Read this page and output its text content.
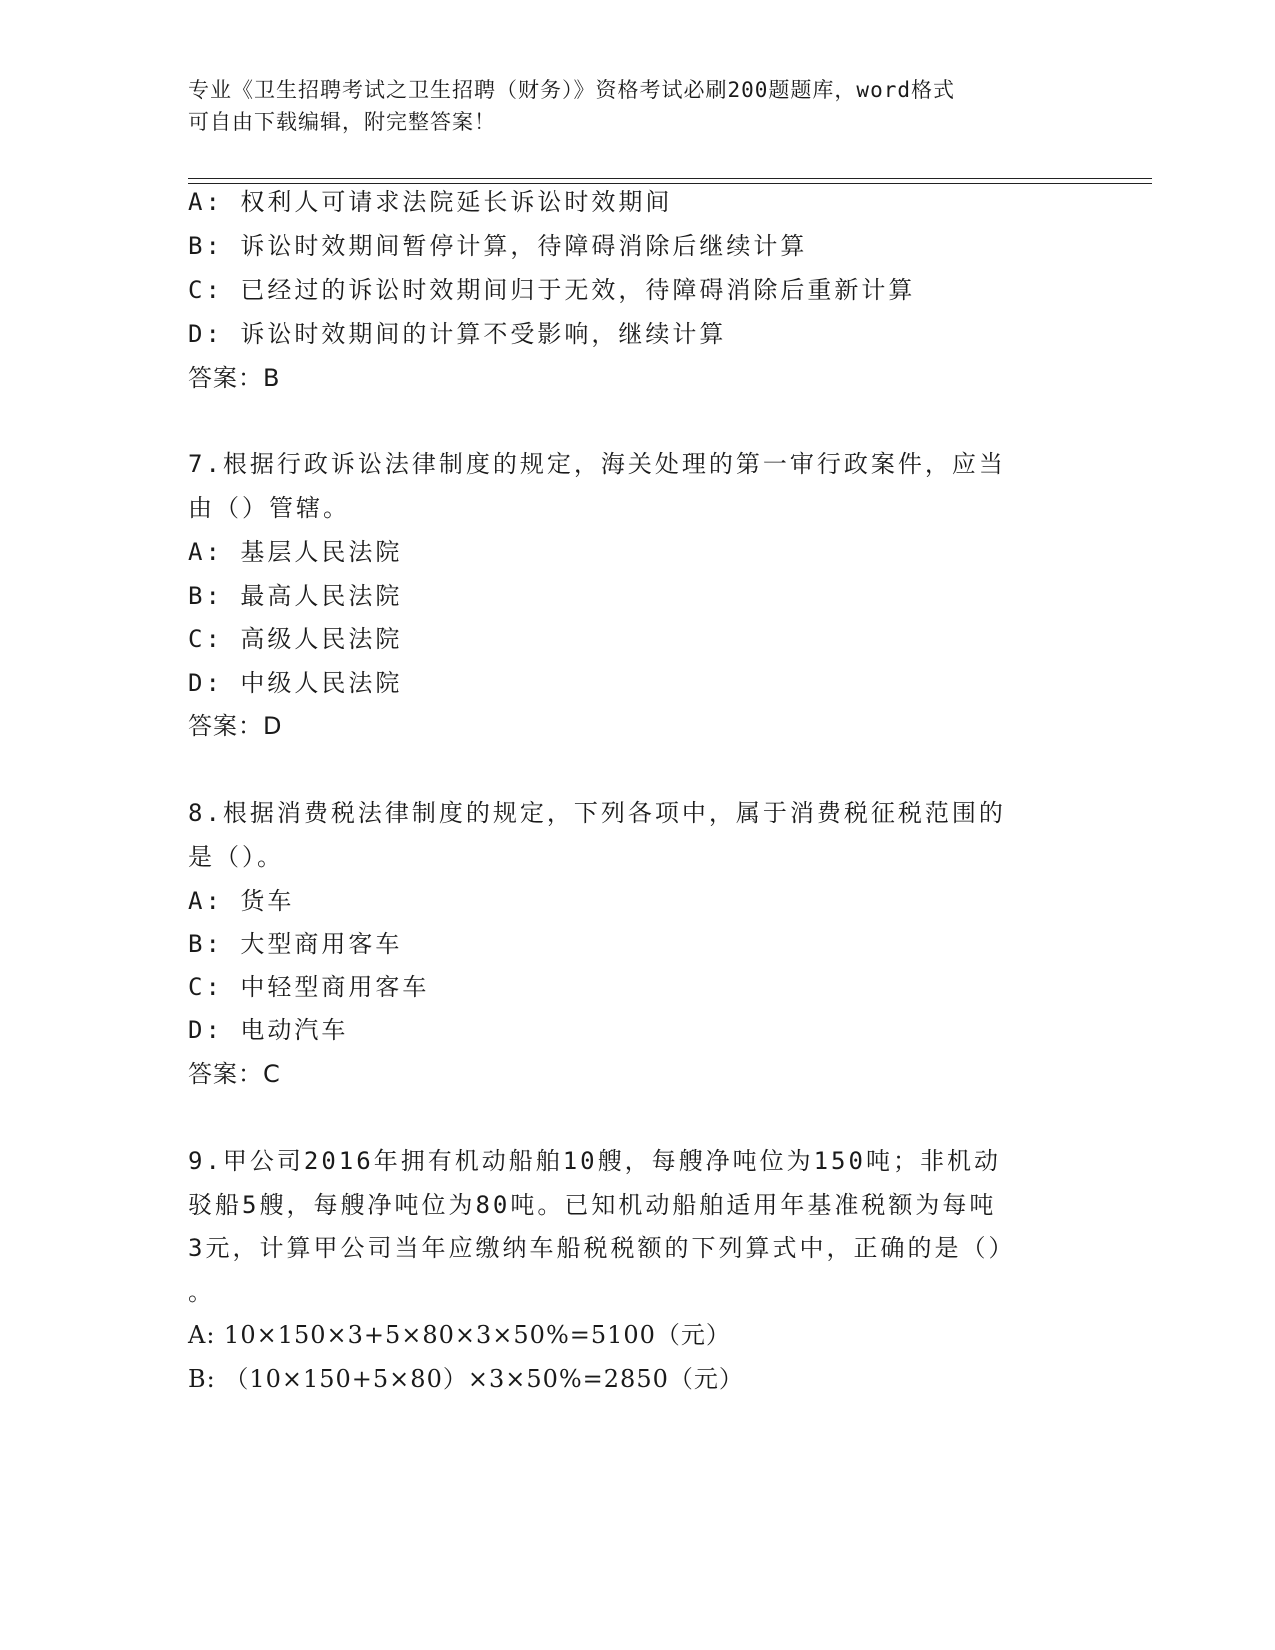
专业《卫生招聘考试之卫生招聘（财务）》资格考试必刷200题题库，word格式
可自由下载编辑，附完整答案！
A: 权利人可请求法院延长诉讼时效期间
B: 诉讼时效期间暂停计算，待障碍消除后继续计算
C: 已经过的诉讼时效期间归于无效，待障碍消除后重新计算
D: 诉讼时效期间的计算不受影响，继续计算
答案：B
7.根据行政诉讼法律制度的规定，海关处理的第一审行政案件，应当
由（）管辖。
A: 基层人民法院
B: 最高人民法院
C: 高级人民法院
D: 中级人民法院
答案：D
8.根据消费税法律制度的规定，下列各项中，属于消费税征税范围的
是（）。
A: 货车
B: 大型商用客车
C: 中轻型商用客车
D: 电动汽车
答案：C
9.甲公司2016年拥有机动船舶10艘，每艘净吨位为150吨；非机动
驳船5艘，每艘净吨位为80吨。已知机动船舶适用年基准税额为每吨
3元，计算甲公司当年应缴纳车船税税额的下列算式中，正确的是（）
。
A: 10×150×3+5×80×3×50%=5100（元）
B: （10×150+5×80）×3×50%=2850（元）
